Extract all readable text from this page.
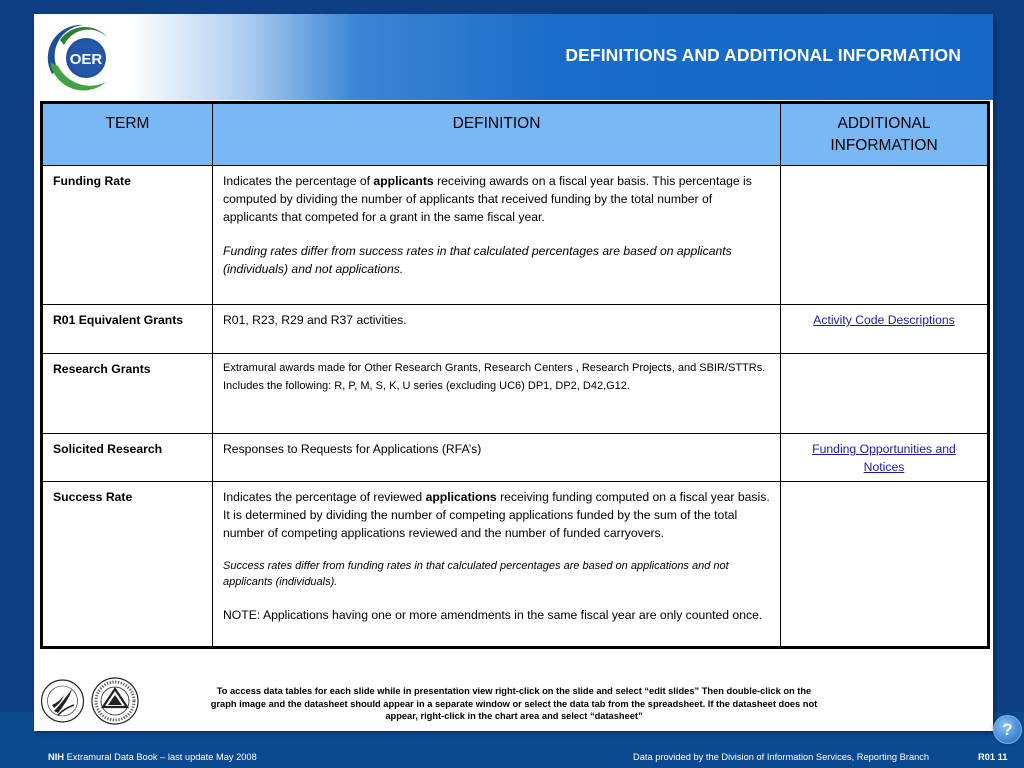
OER	DEFINITIONS AND ADDITIONAL INFORMATION
TERM	DEFINITION	ADDITIONAL INFORMATION
Funding Rate	Indicates the percentage of applicants receiving awards on a fiscal year basis. This percentage is computed by dividing the number of applicants that received funding by the total number of applicants that competed for a grant in the same fiscal year.

Funding rates differ from success rates in that calculated percentages are based on applicants (individuals) and not applications.	

R01 Equivalent Grants	R01, R23, R29 and R37 activities.	Activity Code Descriptions
Research Grants	Extramural awards made for Other Research Grants, Research Centers , Research Projects, and SBIR/STTRs.

Includes the following: R, P, M, S, K, U series (excluding UC6) DP1, DP2, D42,G12.	

Solicited Research	Responses to Requests for Applications (RFA’s)	Funding Opportunities and Notices
Success Rate	Indicates the percentage of reviewed applications receiving funding computed on a fiscal year basis. It is determined by dividing the number of competing applications funded by the sum of the total number of competing applications reviewed and the number of funded carryovers.

Success rates differ from funding rates in that calculated percentages are based on applications and not applicants (individuals).

NOTE: Applications having one or more amendments in the same fiscal year are only counted once.	

To access data tables for each slide while in presentation view right-click on the slide and select “edit slides” Then double-click on the graph image and the datasheet should appear in a separate window or select the data tab from the spreadsheet. If the datasheet does not appear, right-click in the chart area and select “datasheet”
?
NIH Extramural Data Book – last update May 2008	Data provided by the Division of Information Services, Reporting Branch	R01 11
